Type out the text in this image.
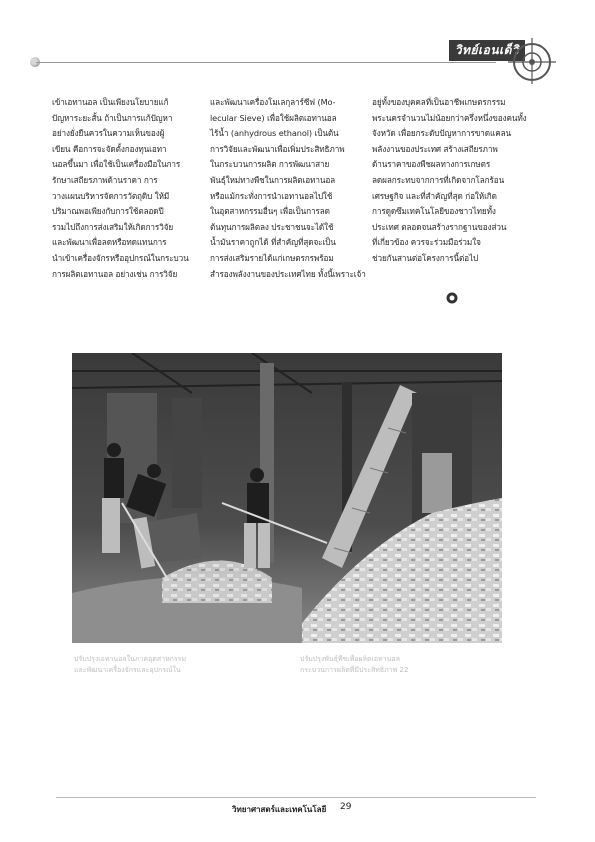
วิทย์เอนเด็วิลดี
เข้าเอทานอล เป็นเพียงนโยบายแก้
ปัญหาระยะสั้น ถ้าเป็นการแก้ปัญหา
อย่างยั่งยืนควรในความเห็นของผู้
เขียน คือการจะจัดตั้งกองทุนเอทา
นอลขึ้นมา เพื่อใช้เป็นเครื่องมือในการ
รักษาเสถียรภาพด้านราคา การ
วางแผนบริหารจัดการวัตถุดิบ ให้มี
ปริมาณพอเพียงกับการใช้ตลอดปี
รวมไปถึงการส่งเสริมให้เกิดการวิจัย
และพัฒนาเพื่อลดหรือทดแทนการ
นำเข้าเครื่องจักรหรืออุปกรณ์ในกระบวน
การผลิตเอทานอล อย่างเช่น การวิจัย
และพัฒนาเครื่องโมเลกุลาร์ซีฟ (Mo-
lecular Sieve) เพื่อใช้ผลิตเอทานอล
ไร้น้ำ (anhydrous ethanol) เป็นต้น
การวิจัยและพัฒนาเพื่อเพิ่มประสิทธิภาพ
ในกระบวนการผลิต การพัฒนาสาย
พันธุ์ใหม่ทางพืชในการผลิตเอทานอล
หรือแม้กระทั่งการนำเอทานอลไปใช้
ในอุตสาหกรรมอื่นๆ เพื่อเป็นการลด
ต้นทุนการผลิตลง ประชาชนจะได้ใช้
น้ำมันราคาถูกได้ ที่สำคัญที่สุดจะเป็น
การส่งเสริมรายได้แก่เกษตรกรพร้อม
สำรองพลังงานของประเทศไทย ทั้งนี้เพราะเจ้า
อยู่ทั้งของบุคคลที่เป็นอาชีพเกษตรกรรม
พระนครจำนวนไม่น้อยกว่าครึ่งหนึ่งของคนทั้ง
จังหวัด เพื่อยกระดับปัญหาการขาดแคลน
พลังงานของประเทศ สร้างเสถียรภาพ
ด้านราคาของพืชผลทางการเกษตร
ลดผลกระทบจากการที่เกิดจากโลกร้อน
เศรษฐกิจ และที่สำคัญที่สุด ก่อให้เกิด
การดูดซึมเทคโนโลยีของชาวไทยทั้ง
ประเทศ ตลอดจนสร้างรากฐานของส่วน
ที่เกี่ยวข้อง ควรจะร่วมมือร่วมใจ
ช่วยกันสานต่อโครงการนี้ต่อไป
ปรับปรุงเอทานอลในภาคอุตสาหกรรม
และพัฒนาเครื่องจักรและอุปกรณ์ใน
ปรับปรุงพันธุ์พืชเพื่อผลิตเอทานอล
กระบวนการผลิตที่มีประสิทธิภาพ 22
วิทยาศาสตร์และเทคโนโลยี 29
